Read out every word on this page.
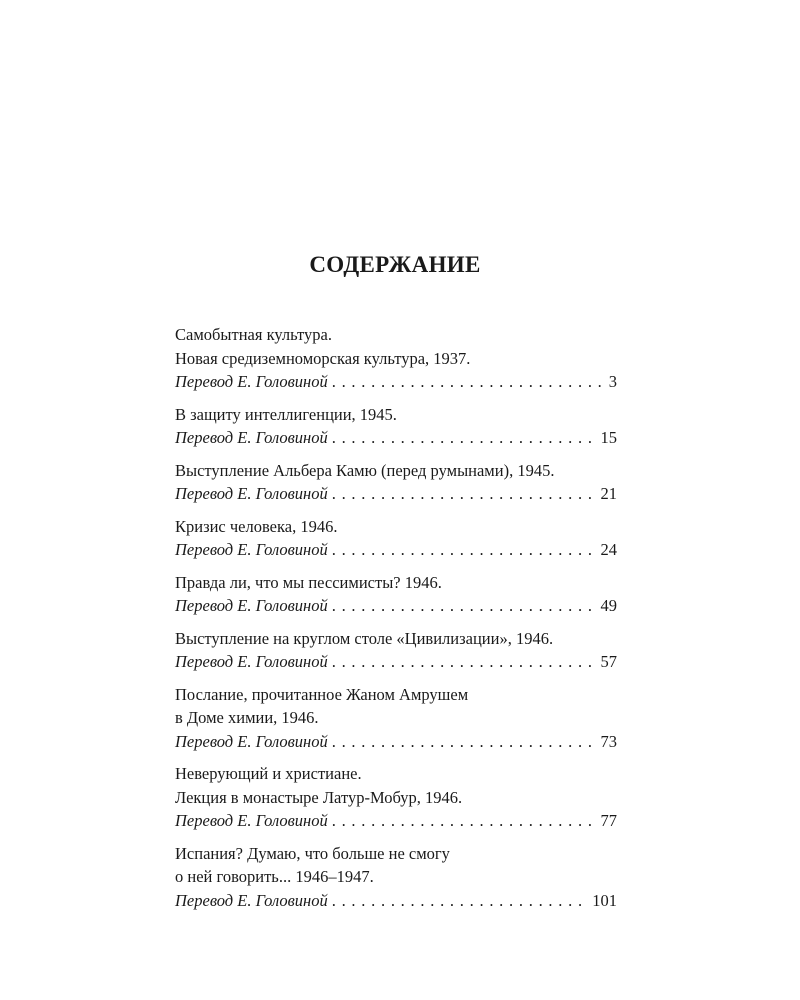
СОДЕРЖАНИЕ
Самобытная культура.
Новая средиземноморская культура, 1937.
Перевод Е. Головиной . . .	3
В защиту интеллигенции, 1945.
Перевод Е. Головиной . . .	15
Выступление Альбера Камю (перед румынами), 1945.
Перевод Е. Головиной . . .	21
Кризис человека, 1946.
Перевод Е. Головиной . . .	24
Правда ли, что мы пессимисты? 1946.
Перевод Е. Головиной . . .	49
Выступление на круглом столе «Цивилизации», 1946.
Перевод Е. Головиной . . .	57
Послание, прочитанное Жаном Амрушем
в Доме химии, 1946.
Перевод Е. Головиной . . .	73
Неверующий и христиане.
Лекция в монастыре Латур-Мобур, 1946.
Перевод Е. Головиной . . .	77
Испания? Думаю, что больше не смогу
о ней говорить... 1946–1947.
Перевод Е. Головиной . . .	101
